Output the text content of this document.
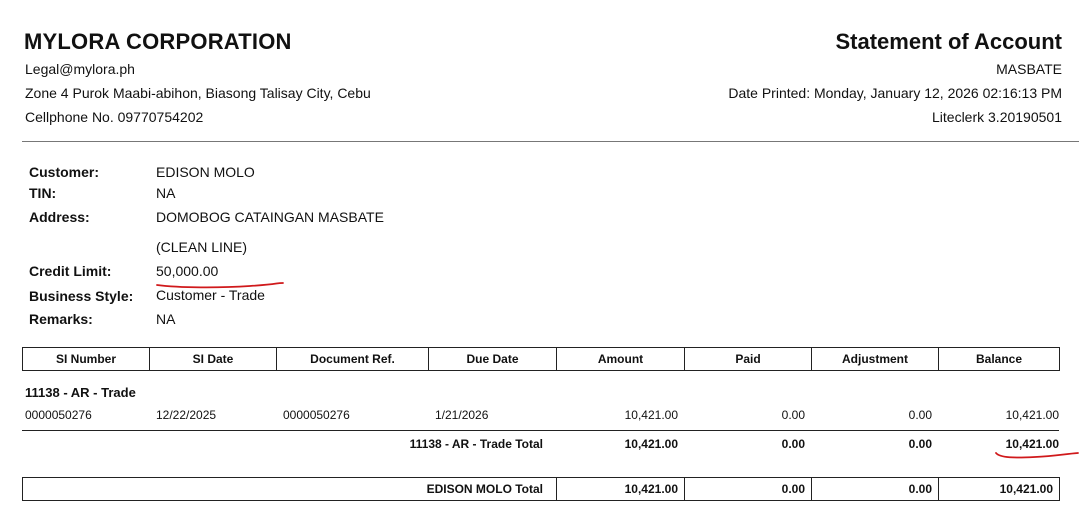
MYLORA CORPORATION
Legal@mylora.ph
Zone 4 Purok Maabi-abihon, Biasong Talisay City, Cebu
Cellphone No. 09770754202
Statement of Account
MASBATE
Date Printed: Monday, January 12, 2026 02:16:13 PM
Liteclerk 3.20190501
Customer:	EDISON MOLO
TIN:	NA
Address:	DOMOBOG CATAINGAN MASBATE
(CLEAN LINE)
Credit Limit:	50,000.00
Business Style: Customer - Trade
Remarks:	NA
SI Number	SI Date	Document Ref.	Due Date	Amount	Paid	Adjustment	Balance
11138 - AR - Trade
0000050276	12/22/2025	0000050276	1/21/2026	10,421.00	0.00	0.00	10,421.00
11138 - AR - Trade Total	10,421.00	0.00	0.00	10,421.00
EDISON MOLO Total	10,421.00	0.00	0.00	10,421.00
